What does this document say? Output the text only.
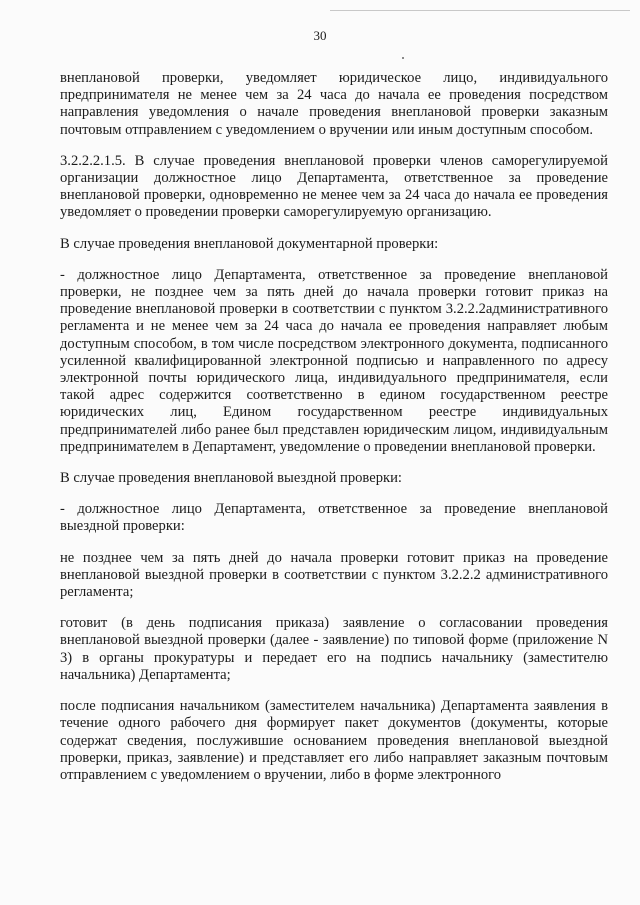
30

внеплановой проверки, уведомляет юридическое лицо, индивидуального предпринимателя не менее чем за 24 часа до начала ее проведения посредством направления уведомления о начале проведения внеплановой проверки заказным почтовым отправлением с уведомлением о вручении или иным доступным способом.

3.2.2.2.1.5. В случае проведения внеплановой проверки членов саморегулируемой организации должностное лицо Департамента, ответственное за проведение внеплановой проверки, одновременно не менее чем за 24 часа до начала ее проведения уведомляет о проведении проверки саморегулируемую организацию.

В случае проведения внеплановой документарной проверки:

- должностное лицо Департамента, ответственное за проведение внеплановой проверки, не позднее чем за пять дней до начала проверки готовит приказ на проведение внеплановой проверки в соответствии с пунктом 3.2.2.2административного регламента и не менее чем за 24 часа до начала ее проведения направляет любым доступным способом, в том числе посредством электронного документа, подписанного усиленной квалифицированной электронной подписью и направленного по адресу электронной почты юридического лица, индивидуального предпринимателя, если такой адрес содержится соответственно в едином государственном реестре юридических лиц, Едином государственном реестре индивидуальных предпринимателей либо ранее был представлен юридическим лицом, индивидуальным предпринимателем в Департамент, уведомление о проведении внеплановой проверки.

В случае проведения внеплановой выездной проверки:

- должностное лицо Департамента, ответственное за проведение внеплановой выездной проверки:

не позднее чем за пять дней до начала проверки готовит приказ на проведение внеплановой выездной проверки в соответствии с пунктом 3.2.2.2 административного регламента;

готовит (в день подписания приказа) заявление о согласовании проведения внеплановой выездной проверки (далее - заявление) по типовой форме (приложение N 3) в органы прокуратуры и передает его на подпись начальнику (заместителю начальника) Департамента;

после подписания начальником (заместителем начальника) Департамента заявления в течение одного рабочего дня формирует пакет документов (документы, которые содержат сведения, послужившие основанием проведения внеплановой выездной проверки, приказ, заявление) и представляет его либо направляет заказным почтовым отправлением с уведомлением о вручении, либо в форме электронного
